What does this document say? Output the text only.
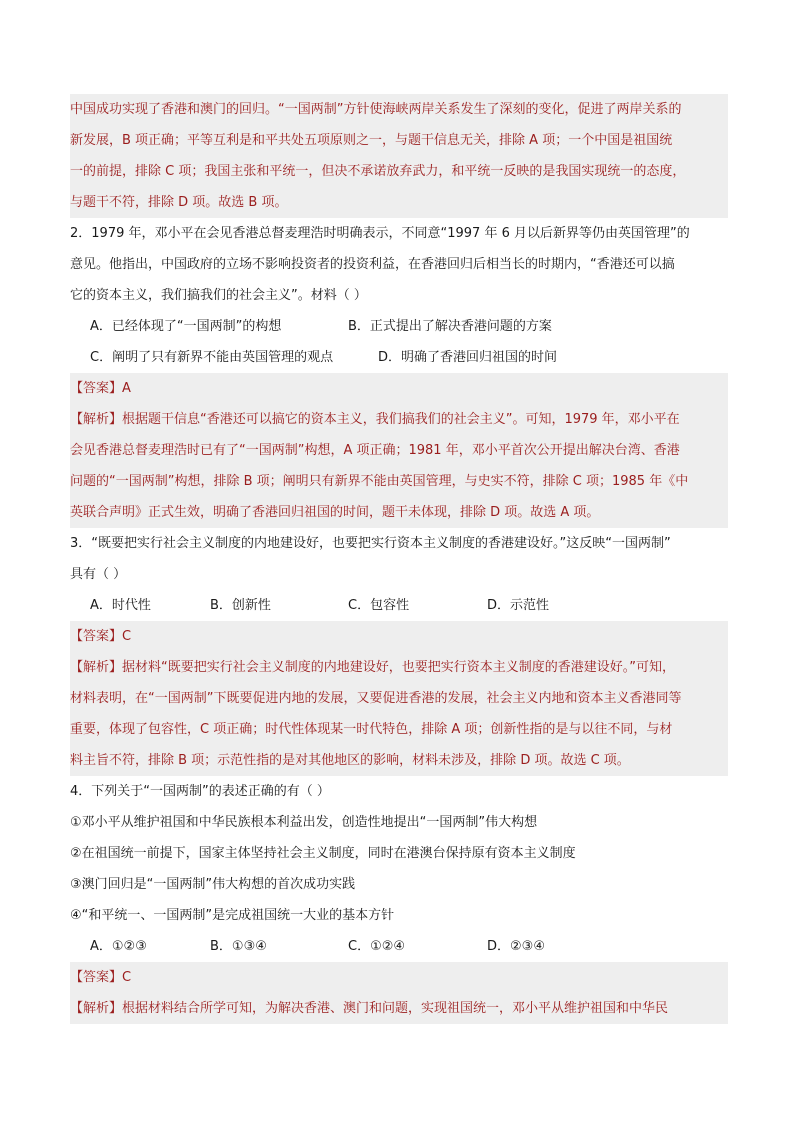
中国成功实现了香港和澳门的回归。“一国两制”方针使海峡两岸关系发生了深刻的变化，促进了两岸关系的
新发展，B 项正确；平等互利是和平共处五项原则之一，与题干信息无关，排除 A 项；一个中国是祖国统
一的前提，排除 C 项；我国主张和平统一，但决不承诺放弃武力，和平统一反映的是我国实现统一的态度，
与题干不符，排除 D 项。故选 B 项。
2．1979 年，邓小平在会见香港总督麦理浩时明确表示，不同意“1997 年 6 月以后新界等仍由英国管理”的
意见。他指出，中国政府的立场不影响投资者的投资利益，在香港回归后相当长的时期内，“香港还可以搞
它的资本主义，我们搞我们的社会主义”。材料（ ）
A．已经体现了“一国两制”的构想	B．正式提出了解决香港问题的方案
C．阐明了只有新界不能由英国管理的观点	D．明确了香港回归祖国的时间
【答案】A
【解析】根据题干信息“香港还可以搞它的资本主义，我们搞我们的社会主义”。可知，1979 年，邓小平在
会见香港总督麦理浩时已有了“一国两制”构想，A 项正确；1981 年，邓小平首次公开提出解决台湾、香港
问题的“一国两制”构想，排除 B 项；阐明只有新界不能由英国管理，与史实不符，排除 C 项；1985 年《中
英联合声明》正式生效，明确了香港回归祖国的时间，题干未体现，排除 D 项。故选 A 项。
3．“既要把实行社会主义制度的内地建设好，也要把实行资本主义制度的香港建设好。”这反映“一国两制”
具有（ ）
A．时代性	B．创新性	C．包容性	D．示范性
【答案】C
【解析】据材料“既要把实行社会主义制度的内地建设好，也要把实行资本主义制度的香港建设好。”可知，
材料表明，在“一国两制”下既要促进内地的发展，又要促进香港的发展，社会主义内地和资本主义香港同等
重要，体现了包容性，C 项正确；时代性体现某一时代特色，排除 A 项；创新性指的是与以往不同，与材
料主旨不符，排除 B 项；示范性指的是对其他地区的影响，材料未涉及，排除 D 项。故选 C 项。
4．下列关于“一国两制”的表述正确的有（ ）
①邓小平从维护祖国和中华民族根本利益出发，创造性地提出“一国两制”伟大构想
②在祖国统一前提下，国家主体坚持社会主义制度，同时在港澳台保持原有资本主义制度
③澳门回归是“一国两制”伟大构想的首次成功实践
④“和平统一、一国两制”是完成祖国统一大业的基本方针
A．①②③	B．①③④	C．①②④	D．②③④
【答案】C
【解析】根据材料结合所学可知，为解决香港、澳门和问题，实现祖国统一，邓小平从维护祖国和中华民
